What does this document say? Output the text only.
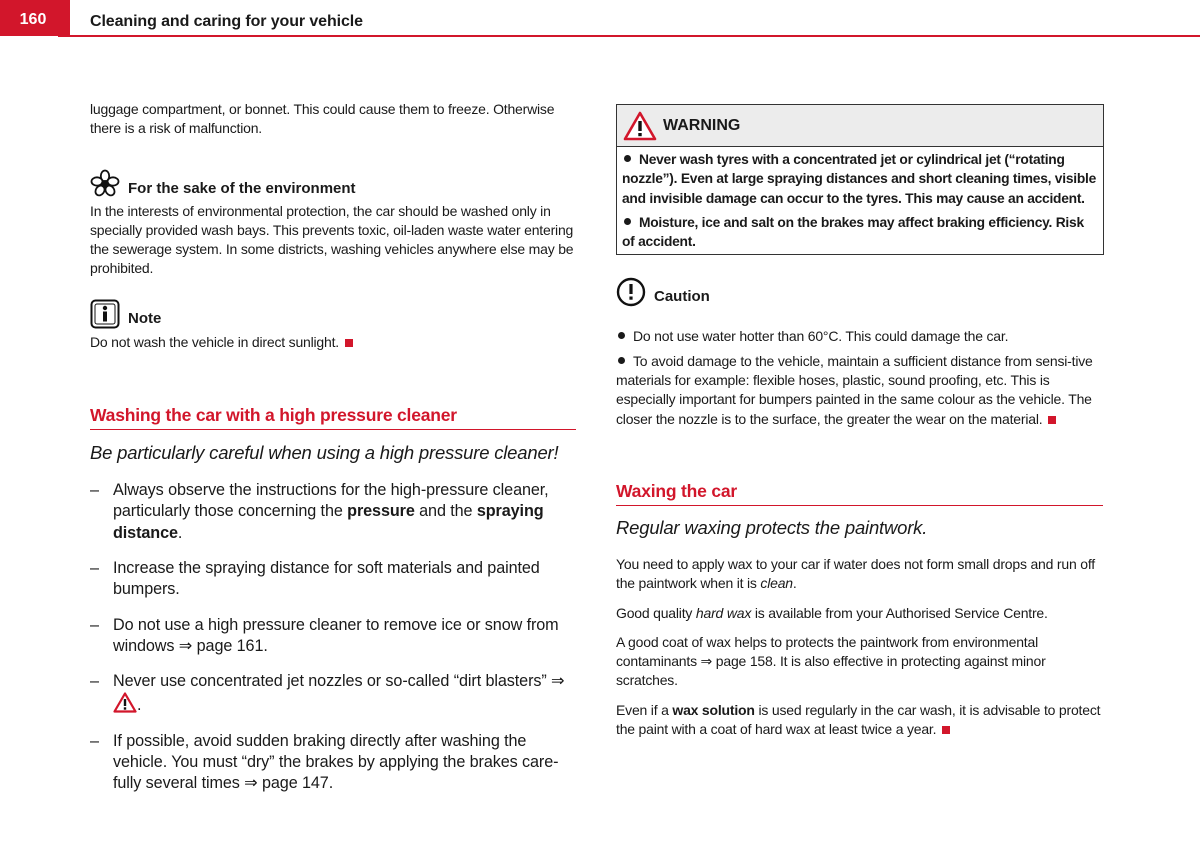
160	Cleaning and caring for your vehicle

luggage compartment, or bonnet. This could cause them to freeze. Otherwise there is a risk of malfunction.

For the sake of the environment

In the interests of environmental protection, the car should be washed only in specially provided wash bays. This prevents toxic, oil-laden waste water entering the sewerage system. In some districts, washing vehicles anywhere else may be prohibited.

Note

Do not wash the vehicle in direct sunlight.

Washing the car with a high pressure cleaner

Be particularly careful when using a high pressure cleaner!

– Always observe the instructions for the high-pressure cleaner, particularly those concerning the pressure and the spraying distance.
– Increase the spraying distance for soft materials and painted bumpers.
– Do not use a high pressure cleaner to remove ice or snow from windows ⇒ page 161.
– Never use concentrated jet nozzles or so-called “dirt blasters” ⇒ .
– If possible, avoid sudden braking directly after washing the vehicle. You must “dry” the brakes by applying the brakes care-fully several times ⇒ page 147.
WARNING

Never wash tyres with a concentrated jet or cylindrical jet (“rotating nozzle”). Even at large spraying distances and short cleaning times, visible and invisible damage can occur to the tyres. This may cause an accident.

Moisture, ice and salt on the brakes may affect braking efficiency. Risk of accident.

Caution

Do not use water hotter than 60°C. This could damage the car.

To avoid damage to the vehicle, maintain a sufficient distance from sensi-tive materials for example: flexible hoses, plastic, sound proofing, etc. This is especially important for bumpers painted in the same colour as the vehicle. The closer the nozzle is to the surface, the greater the wear on the material.

Waxing the car

Regular waxing protects the paintwork.

You need to apply wax to your car if water does not form small drops and run off the paintwork when it is clean.

Good quality hard wax is available from your Authorised Service Centre.

A good coat of wax helps to protects the paintwork from environmental contaminants ⇒ page 158. It is also effective in protecting against minor scratches.

Even if a wax solution is used regularly in the car wash, it is advisable to protect the paint with a coat of hard wax at least twice a year.
